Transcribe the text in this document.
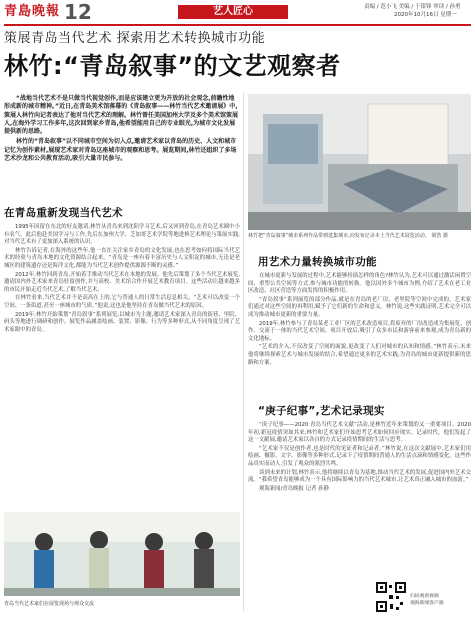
青島晚報 12	艺人匠心	责编 / 范小飞 美编 / 于银锋 审读 / 孙勇
2020年10月16日 星期一
策展青岛当代艺术 探索用艺术转换城市功能
林竹:“青岛叙事”的文艺观察者

“战地当代艺术不是只做当代视觉创作,而是应该建立更为开放的社会观念,前瞻性地形成新的城市精神。”近日,在青岛美术馆落幕的《青岛叙事——林竹当代艺术邀请展》中,策展人林竹向记者表达了他对当代艺术的理解。林竹曾任美国加州大学及多个美术馆策展人,在海外学习工作多年,这次回到家乡青岛,他希望能用自己的专业眼光,为城市文化发展提供新的思路。

林竹的“青岛叙事”以不同城市空间为切入点,邀请艺术家以青岛的历史、人文和城市记忆为创作素材,展现艺术家对青岛这座城市的观察和思考。展览期间,林竹还组织了多场艺术沙龙和公共教育活动,吸引大量市民参与。

林竹把“青岛叙事”城市系列作品带到选集城市,向发布记录本土当代艺术展览活动。 梁浩 摄
在青岛重新发现当代艺术

1995年因留在东北的好友邀请,林竹从青岛来到沈阳学习艺术,后又回到青岛,在青岛艺术圈中小有名气。此后他赴美国学习与工作,先后在加州大学、芝加哥艺术学院等地进修艺术理论与策展实践,对当代艺术有了更加深入系统的认识。

林竹告诉记者,在海外的这些年,他一直在关注家乡青岛的文化发展,也在思考如何将国际当代艺术的经验与青岛本地的文化资源结合起来。“青岛是一座有着丰富历史与人文积淀的城市,无论是老城区的建筑遗存还是海洋文化,都能为当代艺术创作提供源源不断的灵感。”

2012年,林竹回到青岛,开始着手推动当代艺术在本地的发展。他先后策划了多个当代艺术展览,邀请国内外艺术家来青岛驻留创作,并与高校、美术馆合作开展艺术教育项目。这些活动让越来越多的市民开始走近当代艺术,了解当代艺术。

在林竹看来,当代艺术并不是高高在上的,它与普通人的日常生活息息相关。“艺术可以改变一个空间、一条街道,甚至一座城市的气质。”他说,这也是他坚持在青岛做当代艺术的原因。

2019年,林竹开始策划“青岛叙事”系列展览,以城市为主题,邀请艺术家深入青岛的街巷、里院、码头等地进行调研和创作。展览作品涵盖绘画、装置、影像、行为等多种形式,从不同角度呈现了艺术家眼中的青岛。

青岛当代艺术家们在展览现场与观众交流
用艺术力量转换城市功能

在城市更新与发展的过程中,艺术能够扮演怎样的角色?林竹认为,艺术可以通过激活闲置空间、重塑公共空间等方式,参与城市功能的转换。他以国外多个城市为例,介绍了艺术在老工业区改造、社区营造等方面发挥的积极作用。

“青岛叙事”系列展览的部分作品,就是在青岛的老厂房、老里院等空间中完成的。艺术家们通过对这些空间的再利用,赋予了它们新的生命和意义。林竹说,这些实践证明,艺术完全可以成为推动城市更新的重要力量。

2019年,林竹参与了青岛某老工业厂区的艺术改造项目,将废弃的厂房改造成为集展览、创作、交流于一体的当代艺术空间。项目开放后,吸引了众多市民和游客前来参观,成为青岛新的文化地标。

“艺术的介入,不仅改变了空间的面貌,更改变了人们对城市的认知和情感。”林竹表示,未来他将继续探索艺术与城市发展的结合,希望通过更多的艺术实践,为青岛的城市更新提供新的思路和方案。

“庚子纪事”,艺术记录现实

“庚子纪事——2020 青岛当代艺术文献”活动,是林竹近年来策划的又一重要项目。2020年初,新冠疫情突如其来,林竹和艺术家们开始思考艺术如何回应现实、记录时代。他们发起了这一文献展,邀请艺术家以各自的方式记录疫情期间的生活与思考。

“艺术家不仅是创作者,也是时代的见证者和记录者。”林竹说,在这次文献展中,艺术家们用绘画、摄影、文字、影像等多种形式,记录下了疫情期间普通人的生活点滴和情感变化。这些作品真实而动人,引发了观众的强烈共鸣。

谈到未来的计划,林竹表示,他将继续以青岛为基地,推动当代艺术的发展,促进国内外艺术交流。“我希望青岛能够成为一个具有国际影响力的当代艺术城市,让艺术真正融入城市的血液。”

观海新闻/青岛晚报 记者 孙静

扫码观看视频
观海新闻客户端
